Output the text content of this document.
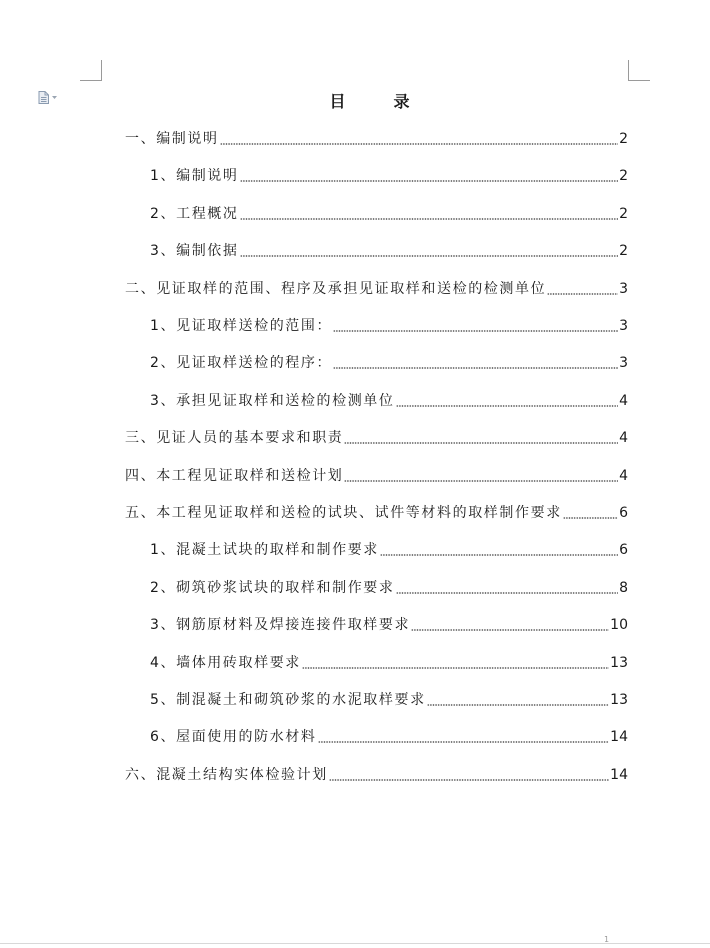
目　录
一、编制说明	2
1、编制说明	2
2、工程概况	2
3、编制依据	2
二、见证取样的范围、程序及承担见证取样和送检的检测单位	3
1、见证取样送检的范围：	3
2、见证取样送检的程序：	3
3、承担见证取样和送检的检测单位	4
三、见证人员的基本要求和职责	4
四、本工程见证取样和送检计划	4
五、本工程见证取样和送检的试块、试件等材料的取样制作要求	6
1、混凝土试块的取样和制作要求	6
2、砌筑砂浆试块的取样和制作要求	8
3、钢筋原材料及焊接连接件取样要求	10
4、墙体用砖取样要求	13
5、制混凝土和砌筑砂浆的水泥取样要求	13
6、屋面使用的防水材料	14
六、混凝土结构实体检验计划	14
1
